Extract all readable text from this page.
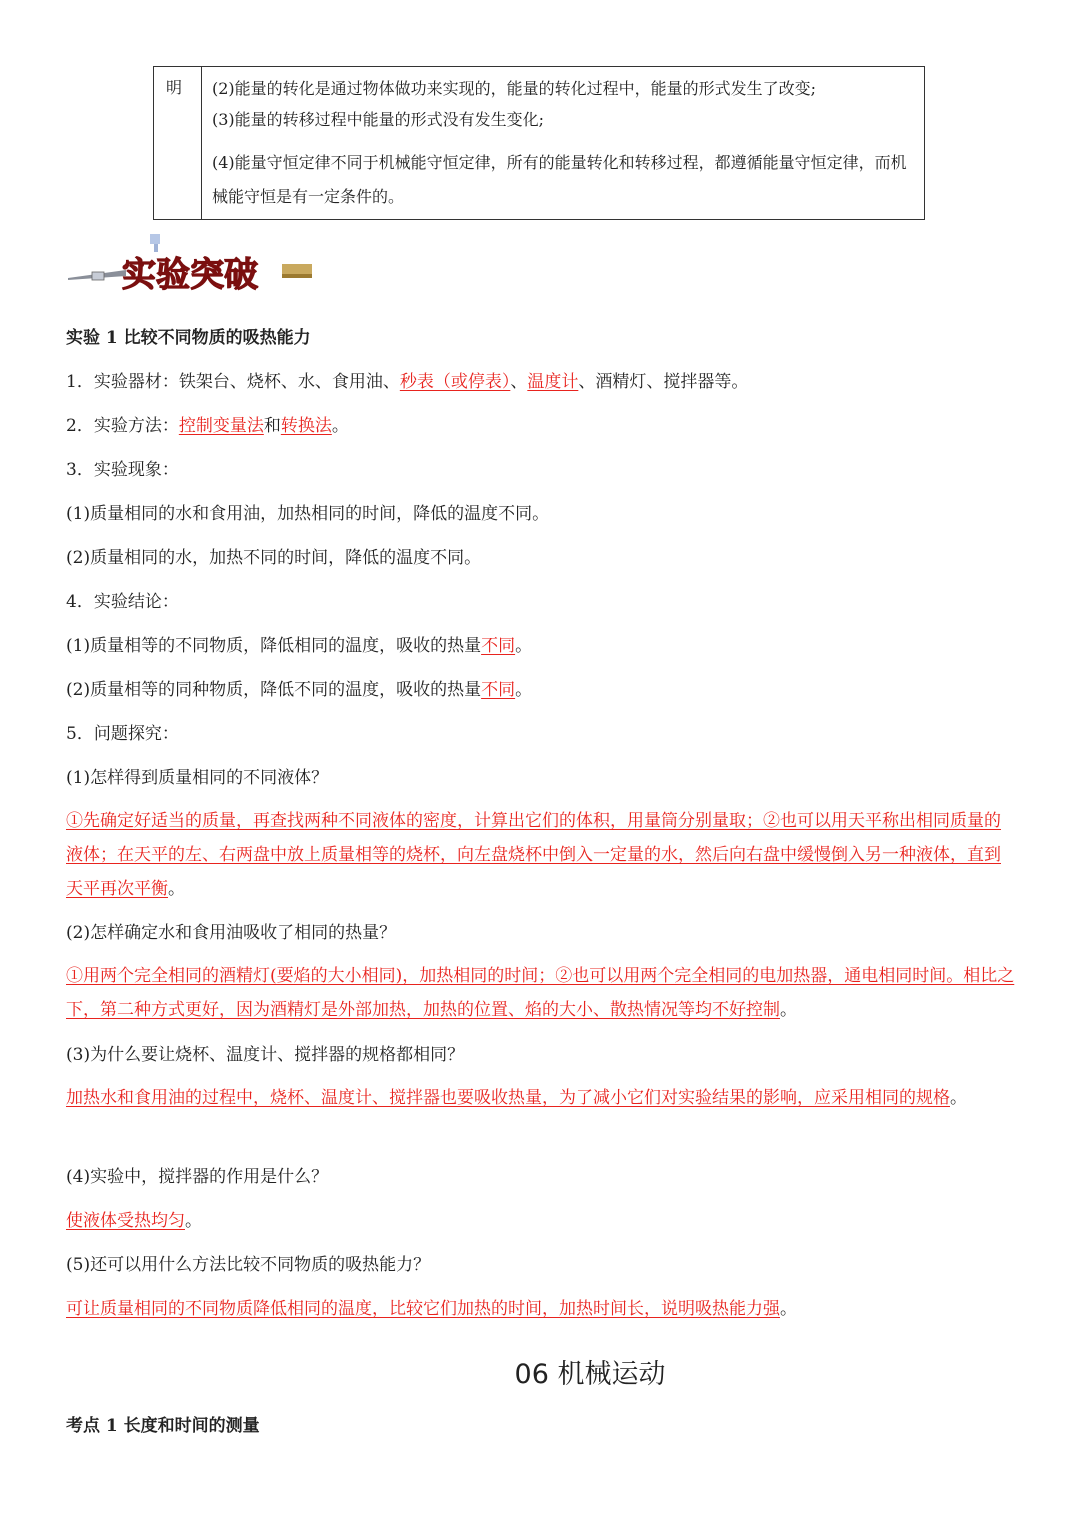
明	(2)能量的转化是通过物体做功来实现的，能量的转化过程中，能量的形式发生了改变;

(3)能量的转移过程中能量的形式没有发生变化;

(4)能量守恒定律不同于机械能守恒定律，所有的能量转化和转移过程，都遵循能量守恒定律，而机械能守恒是有一定条件的。

实验突破
实验 1 比较不同物质的吸热能力
1．实验器材：铁架台、烧杯、水、食用油、秒表（或停表）、温度计、酒精灯、搅拌器等。
2．实验方法：控制变量法和转换法。
3．实验现象：
(1)质量相同的水和食用油，加热相同的时间，降低的温度不同。
(2)质量相同的水，加热不同的时间，降低的温度不同。
4．实验结论：
(1)质量相等的不同物质，降低相同的温度，吸收的热量不同。
(2)质量相等的同种物质，降低不同的温度，吸收的热量不同。
5．问题探究：
(1)怎样得到质量相同的不同液体？
①先确定好适当的质量，再查找两种不同液体的密度，计算出它们的体积，用量筒分别量取；②也可以用天平称出相同质量的液体；在天平的左、右两盘中放上质量相等的烧杯，向左盘烧杯中倒入一定量的水，然后向右盘中缓慢倒入另一种液体，直到天平再次平衡。
(2)怎样确定水和食用油吸收了相同的热量？
①用两个完全相同的酒精灯(要焰的大小相同)，加热相同的时间；②也可以用两个完全相同的电加热器，通电相同时间。相比之下，第二种方式更好，因为酒精灯是外部加热，加热的位置、焰的大小、散热情况等均不好控制。
(3)为什么要让烧杯、温度计、搅拌器的规格都相同？
加热水和食用油的过程中，烧杯、温度计、搅拌器也要吸收热量，为了减小它们对实验结果的影响，应采用相同的规格。
(4)实验中，搅拌器的作用是什么？
使液体受热均匀。
(5)还可以用什么方法比较不同物质的吸热能力？
可让质量相同的不同物质降低相同的温度，比较它们加热的时间，加热时间长，说明吸热能力强。
06 机械运动
考点 1 长度和时间的测量
